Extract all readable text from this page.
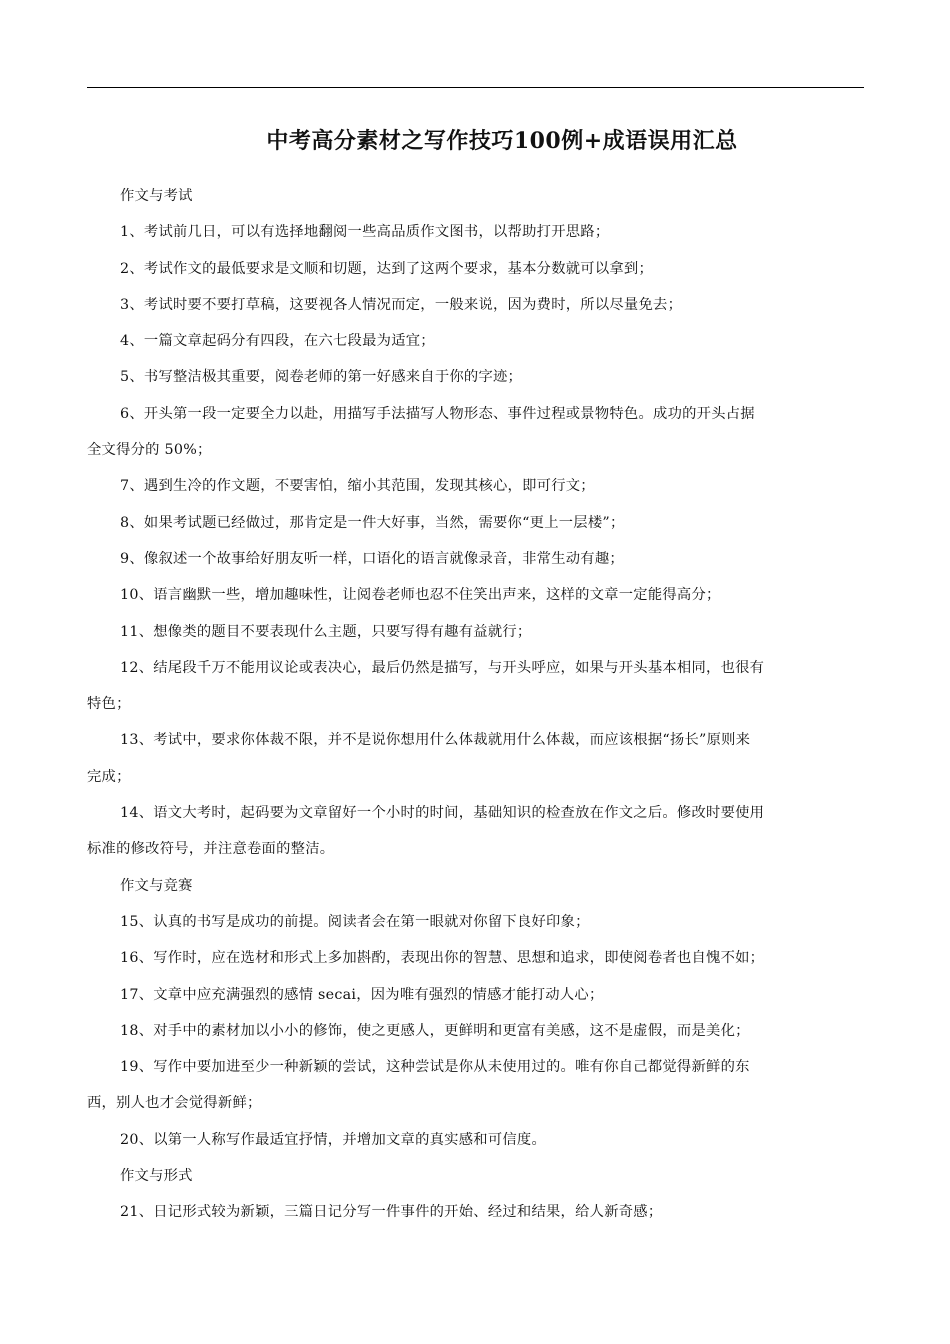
中考高分素材之写作技巧100例+成语误用汇总
作文与考试
1、考试前几日，可以有选择地翻阅一些高品质作文图书，以帮助打开思路；
2、考试作文的最低要求是文顺和切题，达到了这两个要求，基本分数就可以拿到；
3、考试时要不要打草稿，这要视各人情况而定，一般来说，因为费时，所以尽量免去；
4、一篇文章起码分有四段，在六七段最为适宜；
5、书写整洁极其重要，阅卷老师的第一好感来自于你的字迹；
6、开头第一段一定要全力以赴，用描写手法描写人物形态、事件过程或景物特色。成功的开头占据
全文得分的 50%；
7、遇到生冷的作文题，不要害怕，缩小其范围，发现其核心，即可行文；
8、如果考试题已经做过，那肯定是一件大好事，当然，需要你“更上一层楼”；
9、像叙述一个故事给好朋友听一样，口语化的语言就像录音，非常生动有趣；
10、语言幽默一些，增加趣味性，让阅卷老师也忍不住笑出声来，这样的文章一定能得高分；
11、想像类的题目不要表现什么主题，只要写得有趣有益就行；
12、结尾段千万不能用议论或表决心，最后仍然是描写，与开头呼应，如果与开头基本相同，也很有
特色；
13、考试中，要求你体裁不限，并不是说你想用什么体裁就用什么体裁，而应该根据“扬长”原则来
完成；
14、语文大考时，起码要为文章留好一个小时的时间，基础知识的检查放在作文之后。修改时要使用
标准的修改符号，并注意卷面的整洁。
作文与竞赛
15、认真的书写是成功的前提。阅读者会在第一眼就对你留下良好印象；
16、写作时，应在选材和形式上多加斟酌，表现出你的智慧、思想和追求，即使阅卷者也自愧不如；
17、文章中应充满强烈的感情 secai，因为唯有强烈的情感才能打动人心；
18、对手中的素材加以小小的修饰，使之更感人，更鲜明和更富有美感，这不是虚假，而是美化；
19、写作中要加进至少一种新颖的尝试，这种尝试是你从未使用过的。唯有你自己都觉得新鲜的东
西，别人也才会觉得新鲜；
20、以第一人称写作最适宜抒情，并增加文章的真实感和可信度。
作文与形式
21、日记形式较为新颖，三篇日记分写一件事件的开始、经过和结果，给人新奇感；
